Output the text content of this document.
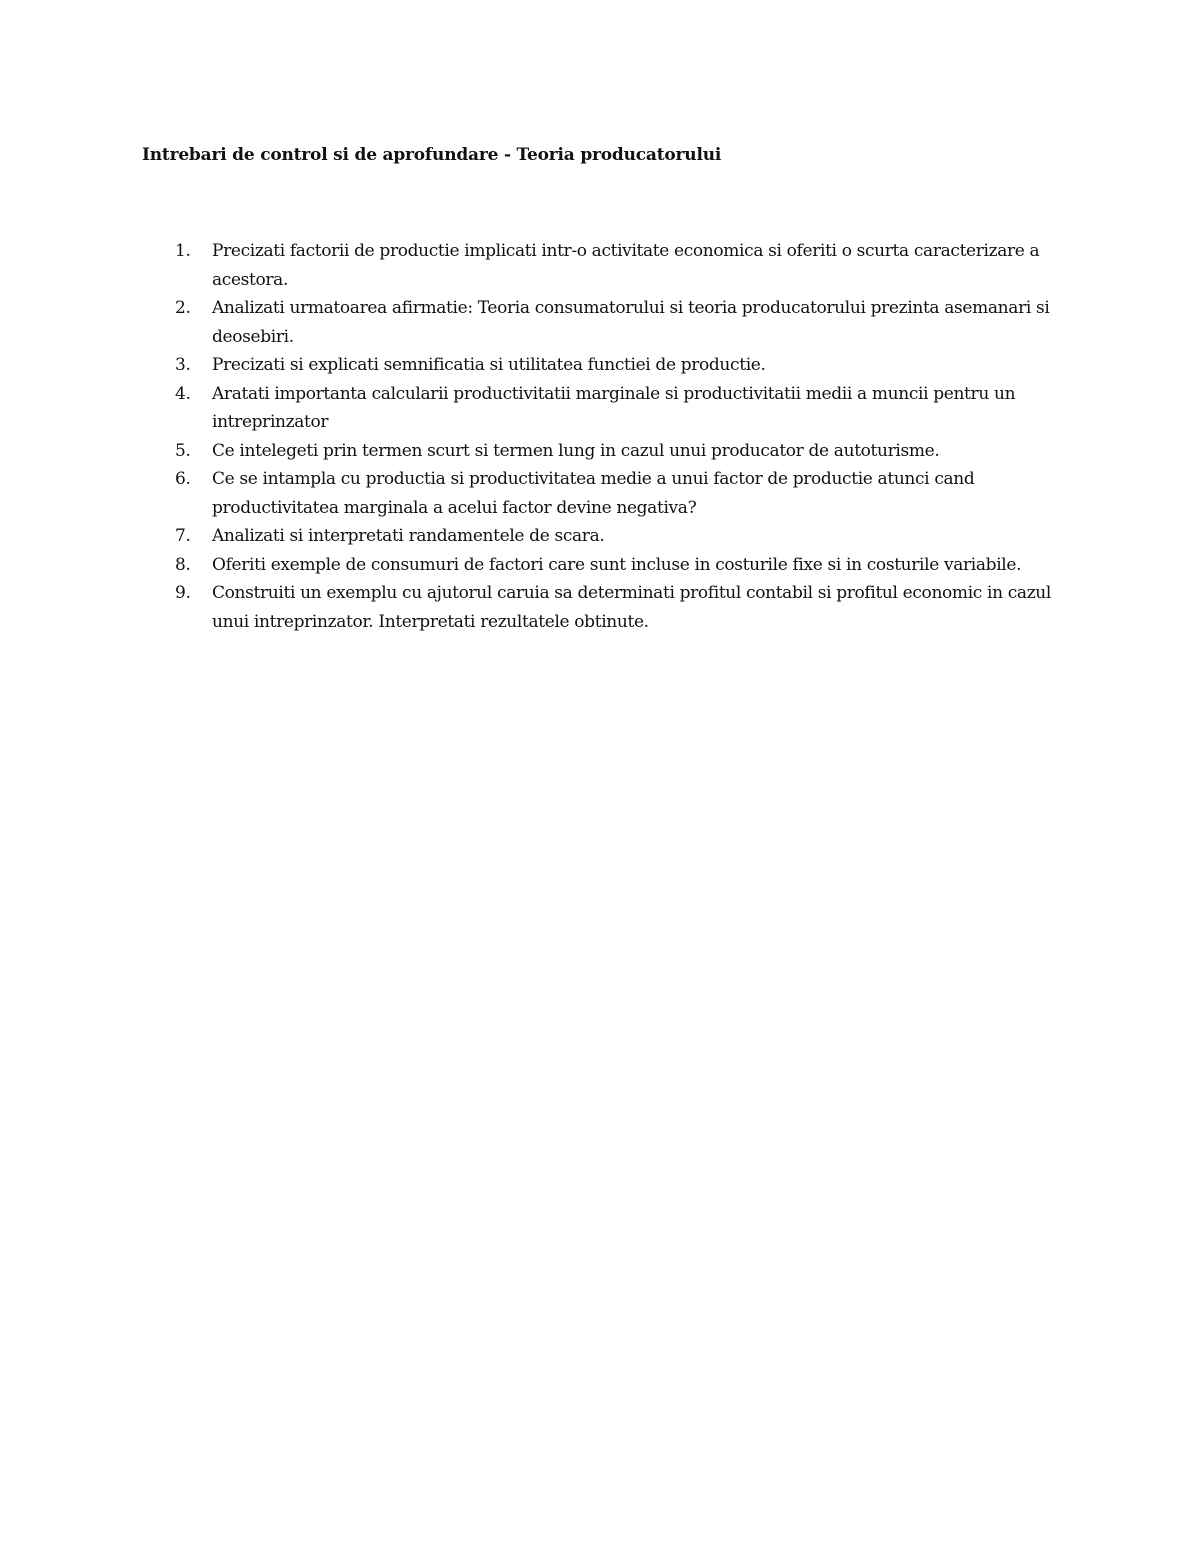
Intrebari de control si de aprofundare - Teoria producatorului
1. Precizati factorii de productie implicati intr-o activitate economica si oferiti o scurta caracterizare a acestora.
2. Analizati urmatoarea afirmatie: Teoria consumatorului si teoria producatorului prezinta asemanari si deosebiri.
3. Precizati si explicati semnificatia si utilitatea functiei de productie.
4. Aratati importanta calcularii productivitatii marginale si productivitatii medii a muncii pentru un intreprinzator
5. Ce intelegeti prin termen scurt si termen lung in cazul unui producator de autoturisme.
6. Ce se intampla cu productia si productivitatea medie a unui factor de productie atunci cand productivitatea marginala a acelui factor devine negativa?
7. Analizati si interpretati randamentele de scara.
8. Oferiti exemple de consumuri de factori care sunt incluse in costurile fixe si in costurile variabile.
9. Construiti un exemplu cu ajutorul caruia sa determinati profitul contabil si profitul economic in cazul unui intreprinzator. Interpretati rezultatele obtinute.
